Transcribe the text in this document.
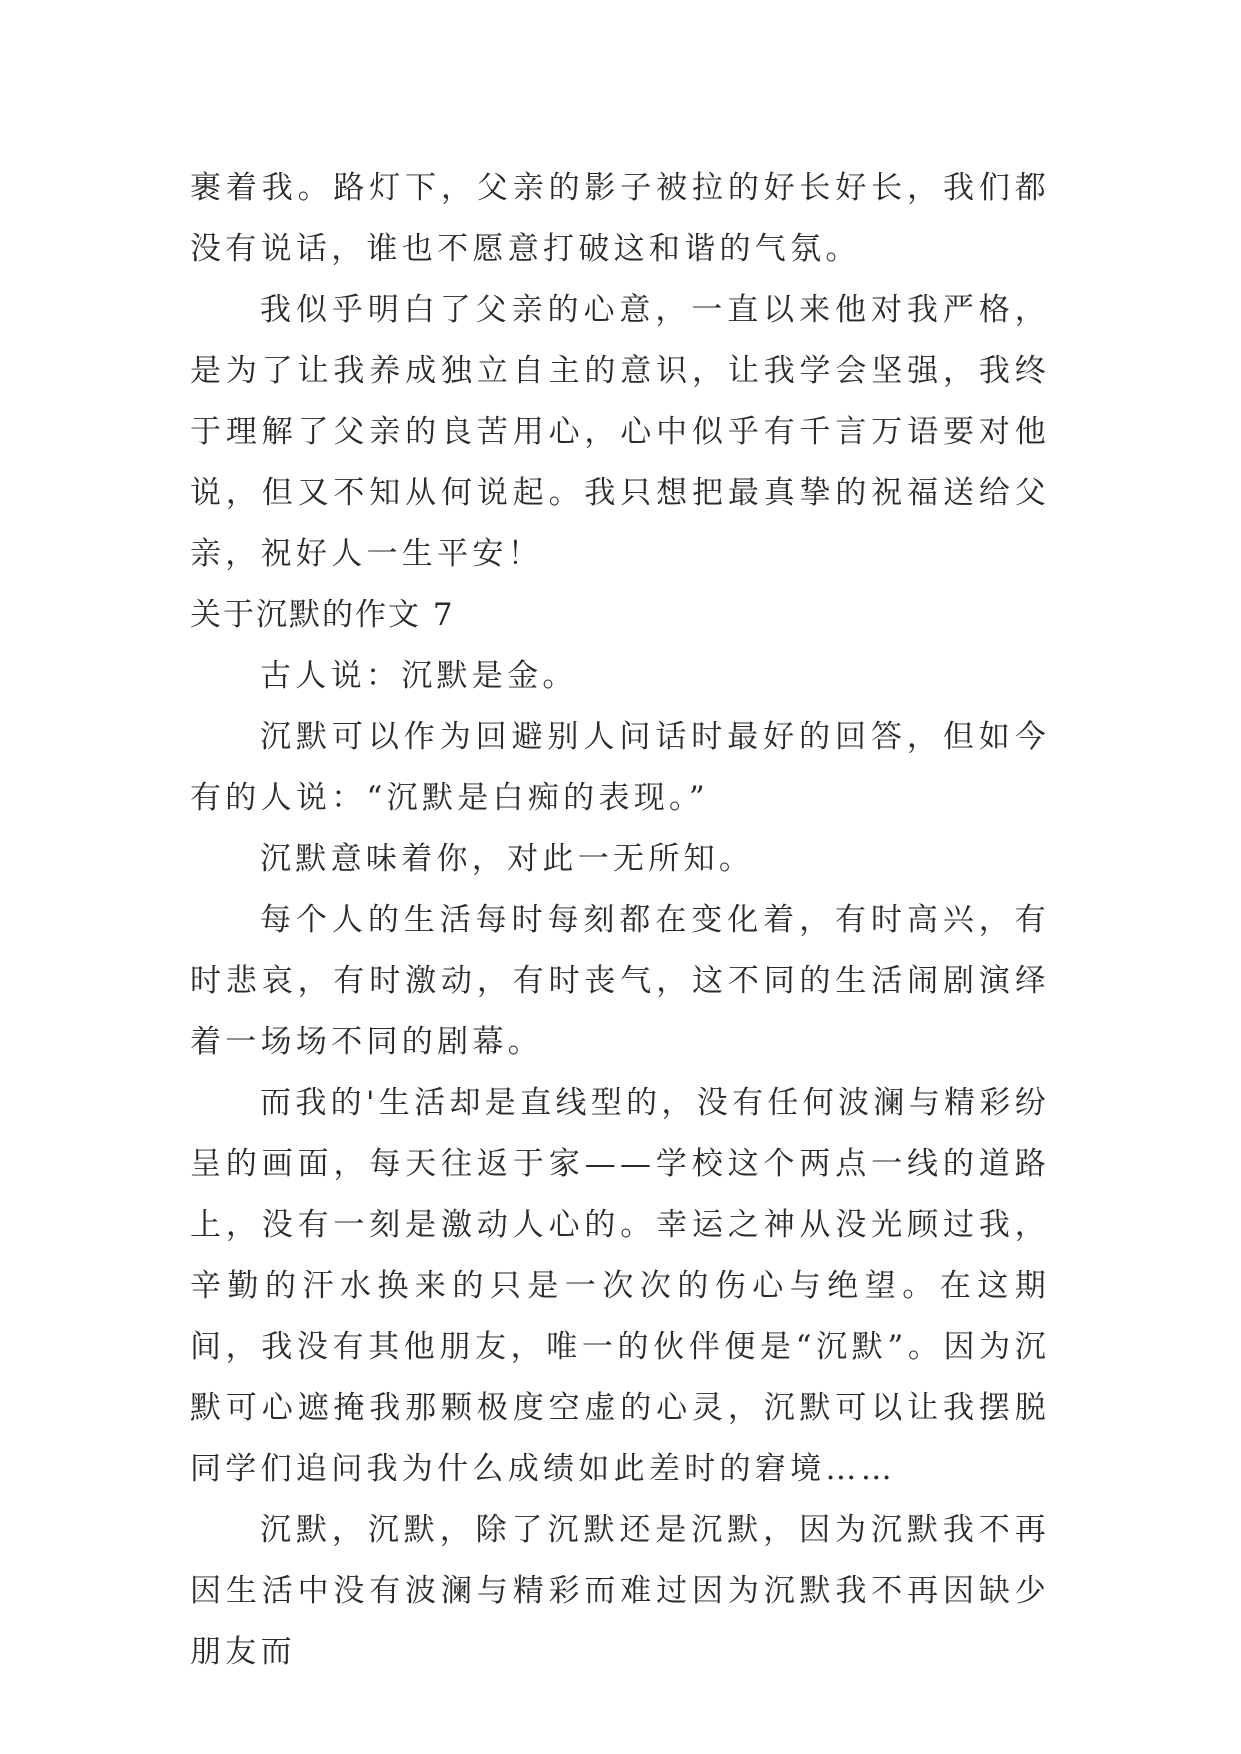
裹着我。路灯下，父亲的影子被拉的好长好长，我们都没有说话，谁也不愿意打破这和谐的气氛。

我似乎明白了父亲的心意，一直以来他对我严格，是为了让我养成独立自主的意识，让我学会坚强，我终于理解了父亲的良苦用心，心中似乎有千言万语要对他说，但又不知从何说起。我只想把最真挚的祝福送给父亲，祝好人一生平安！

关于沉默的作文 7

古人说：沉默是金。

沉默可以作为回避别人问话时最好的回答，但如今有的人说：“沉默是白痴的表现。”

沉默意味着你，对此一无所知。

每个人的生活每时每刻都在变化着，有时高兴，有时悲哀，有时激动，有时丧气，这不同的生活闹剧演绎着一场场不同的剧幕。

而我的'生活却是直线型的，没有任何波澜与精彩纷呈的画面，每天往返于家——学校这个两点一线的道路上，没有一刻是激动人心的。幸运之神从没光顾过我，辛勤的汗水换来的只是一次次的伤心与绝望。在这期间，我没有其他朋友，唯一的伙伴便是“沉默”。因为沉默可心遮掩我那颗极度空虚的心灵，沉默可以让我摆脱同学们追问我为什么成绩如此差时的窘境……

沉默，沉默，除了沉默还是沉默，因为沉默我不再因生活中没有波澜与精彩而难过因为沉默我不再因缺少朋友而
